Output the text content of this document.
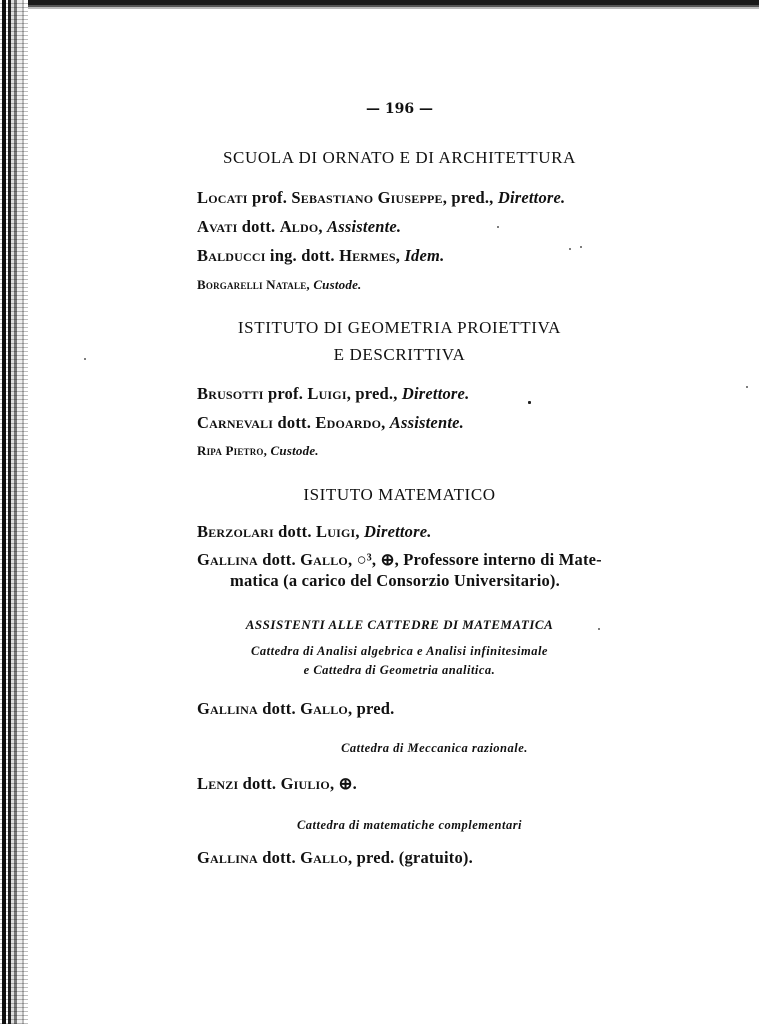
— 196 —
SCUOLA DI ORNATO E DI ARCHITETTURA
Locati prof. Sebastiano Giuseppe, pred., Direttore.
Avati dott. Aldo, Assistente.
Balducci ing. dott. Hermes, Idem.
Borgarelli Natale, Custode.
ISTITUTO DI GEOMETRIA PROIETTIVA
E DESCRITTIVA
Brusotti prof. Luigi, pred., Direttore.
Carnevali dott. Edoardo, Assistente.
Ripa Pietro, Custode.
ISITUTO MATEMATICO
Berzolari dott. Luigi, Direttore.
Gallina dott. Gallo, ○³, ⊕, Professore interno di Mate-
matica (a carico del Consorzio Universitario).
ASSISTENTI ALLE CATTEDRE DI MATEMATICA
Cattedra di Analisi algebrica e Analisi infinitesimale
e Cattedra di Geometria analitica.
Gallina dott. Gallo, pred.
Cattedra di Meccanica razionale.
Lenzi dott. Giulio, ⊕.
Cattedra di matematiche complementari
Gallina dott. Gallo, pred. (gratuito).
